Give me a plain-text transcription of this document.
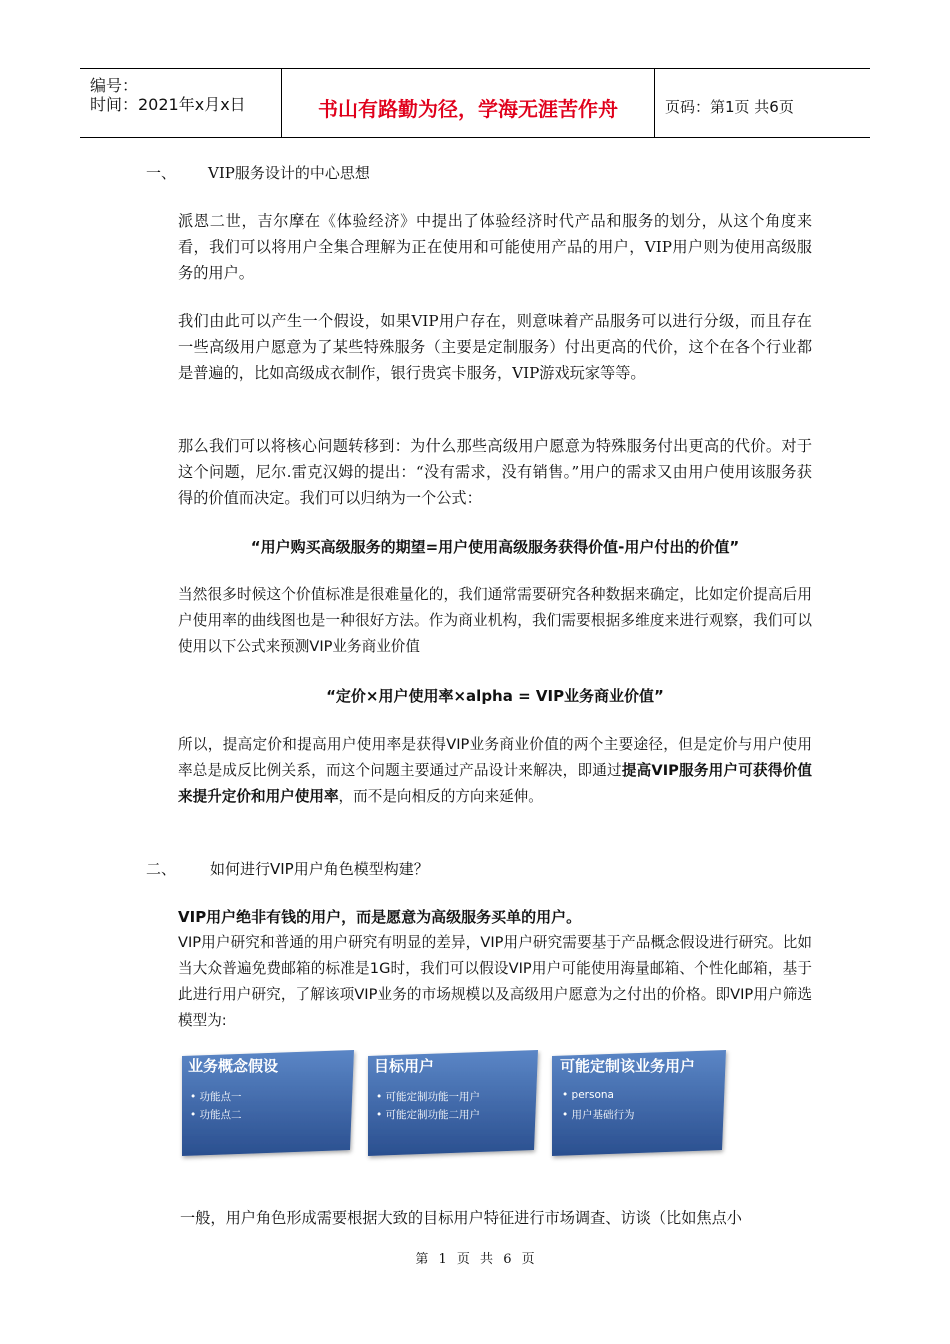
编号：
时间：2021年x月x日	书山有路勤为径，学海无涯苦作舟	页码：第1页 共6页
一、 VIP服务设计的中心思想
派恩二世，吉尔摩在《体验经济》中提出了体验经济时代产品和服务的划分，从这个角度来看，我们可以将用户全集合理解为正在使用和可能使用产品的用户，VIP用户则为使用高级服务的用户。
我们由此可以产生一个假设，如果VIP用户存在，则意味着产品服务可以进行分级，而且存在一些高级用户愿意为了某些特殊服务（主要是定制服务）付出更高的代价，这个在各个行业都是普遍的，比如高级成衣制作，银行贵宾卡服务，VIP游戏玩家等等。
那么我们可以将核心问题转移到：为什么那些高级用户愿意为特殊服务付出更高的代价。对于这个问题，尼尔.雷克汉姆的提出：“没有需求，没有销售。”用户的需求又由用户使用该服务获得的价值而决定。我们可以归纳为一个公式：
“用户购买高级服务的期望=用户使用高级服务获得价值-用户付出的价值”
当然很多时候这个价值标准是很难量化的，我们通常需要研究各种数据来确定，比如定价提高后用户使用率的曲线图也是一种很好方法。作为商业机构，我们需要根据多维度来进行观察，我们可以使用以下公式来预测VIP业务商业价值
“定价×用户使用率×alpha = VIP业务商业价值”
所以，提高定价和提高用户使用率是获得VIP业务商业价值的两个主要途径，但是定价与用户使用率总是成反比例关系，而这个问题主要通过产品设计来解决，即通过提高VIP服务用户可获得价值来提升定价和用户使用率，而不是向相反的方向来延伸。
二、 如何进行VIP用户角色模型构建？
VIP用户绝非有钱的用户，而是愿意为高级服务买单的用户。
VIP用户研究和普通的用户研究有明显的差异，VIP用户研究需要基于产品概念假设进行研究。比如当大众普遍免费邮箱的标准是1G时，我们可以假设VIP用户可能使用海量邮箱、个性化邮箱，基于此进行用户研究，了解该项VIP业务的市场规模以及高级用户愿意为之付出的价格。即VIP用户筛选模型为:
业务概念假设
• 功能点一
• 功能点二
目标用户
• 可能定制功能一用户
• 可能定制功能二用户
可能定制该业务用户
• persona
• 用户基础行为
一般，用户角色形成需要根据大致的目标用户特征进行市场调查、访谈（比如焦点小
第 1 页 共 6 页
